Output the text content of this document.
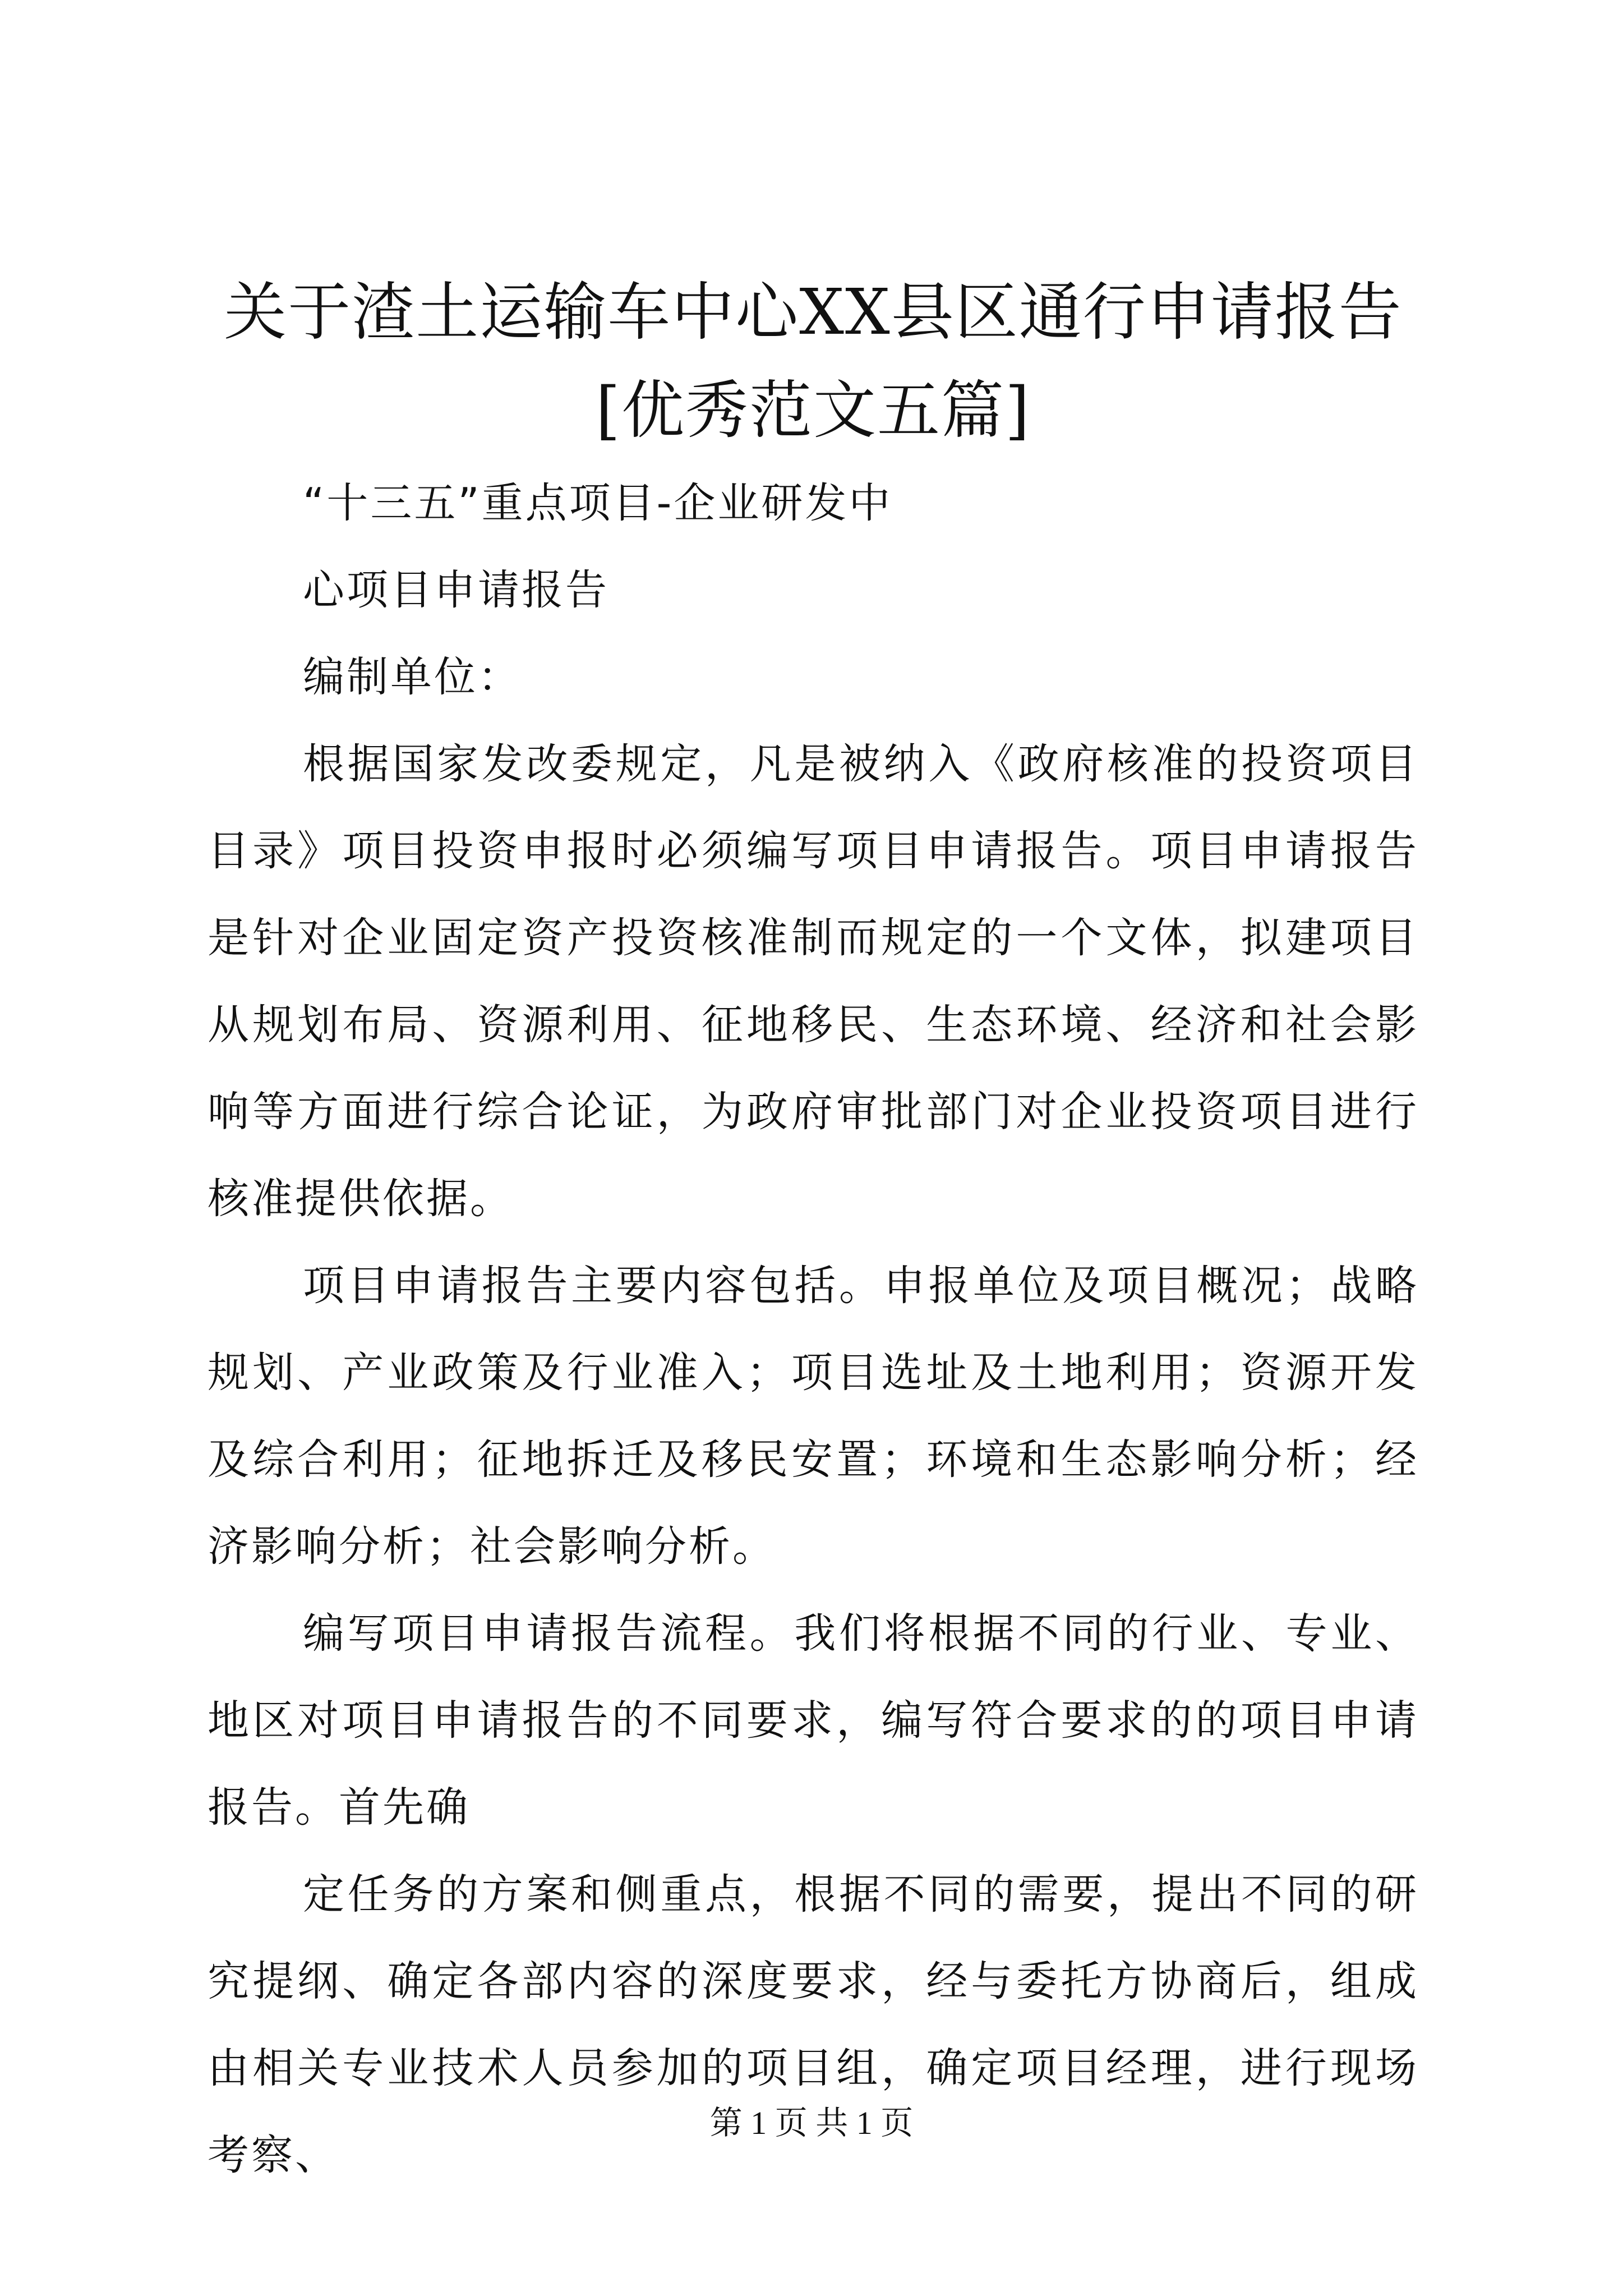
关于渣土运输车中心XX县区通行申请报告[优秀范文五篇]

“十三五”重点项目-企业研发中

心项目申请报告

编制单位：

根据国家发改委规定，凡是被纳入《政府核准的投资项目目录》项目投资申报时必须编写项目申请报告。项目申请报告是针对企业固定资产投资核准制而规定的一个文体，拟建项目从规划布局、资源利用、征地移民、生态环境、经济和社会影响等方面进行综合论证，为政府审批部门对企业投资项目进行核准提供依据。

项目申请报告主要内容包括。申报单位及项目概况；战略规划、产业政策及行业准入；项目选址及土地利用；资源开发及综合利用；征地拆迁及移民安置；环境和生态影响分析；经济影响分析；社会影响分析。

编写项目申请报告流程。我们将根据不同的行业、专业、地区对项目申请报告的不同要求，编写符合要求的的项目申请报告。首先确

定任务的方案和侧重点，根据不同的需要，提出不同的研究提纲、确定各部内容的深度要求，经与委托方协商后，组成由相关专业技术人员参加的项目组，确定项目经理，进行现场考察、

第 1 页 共 1 页
